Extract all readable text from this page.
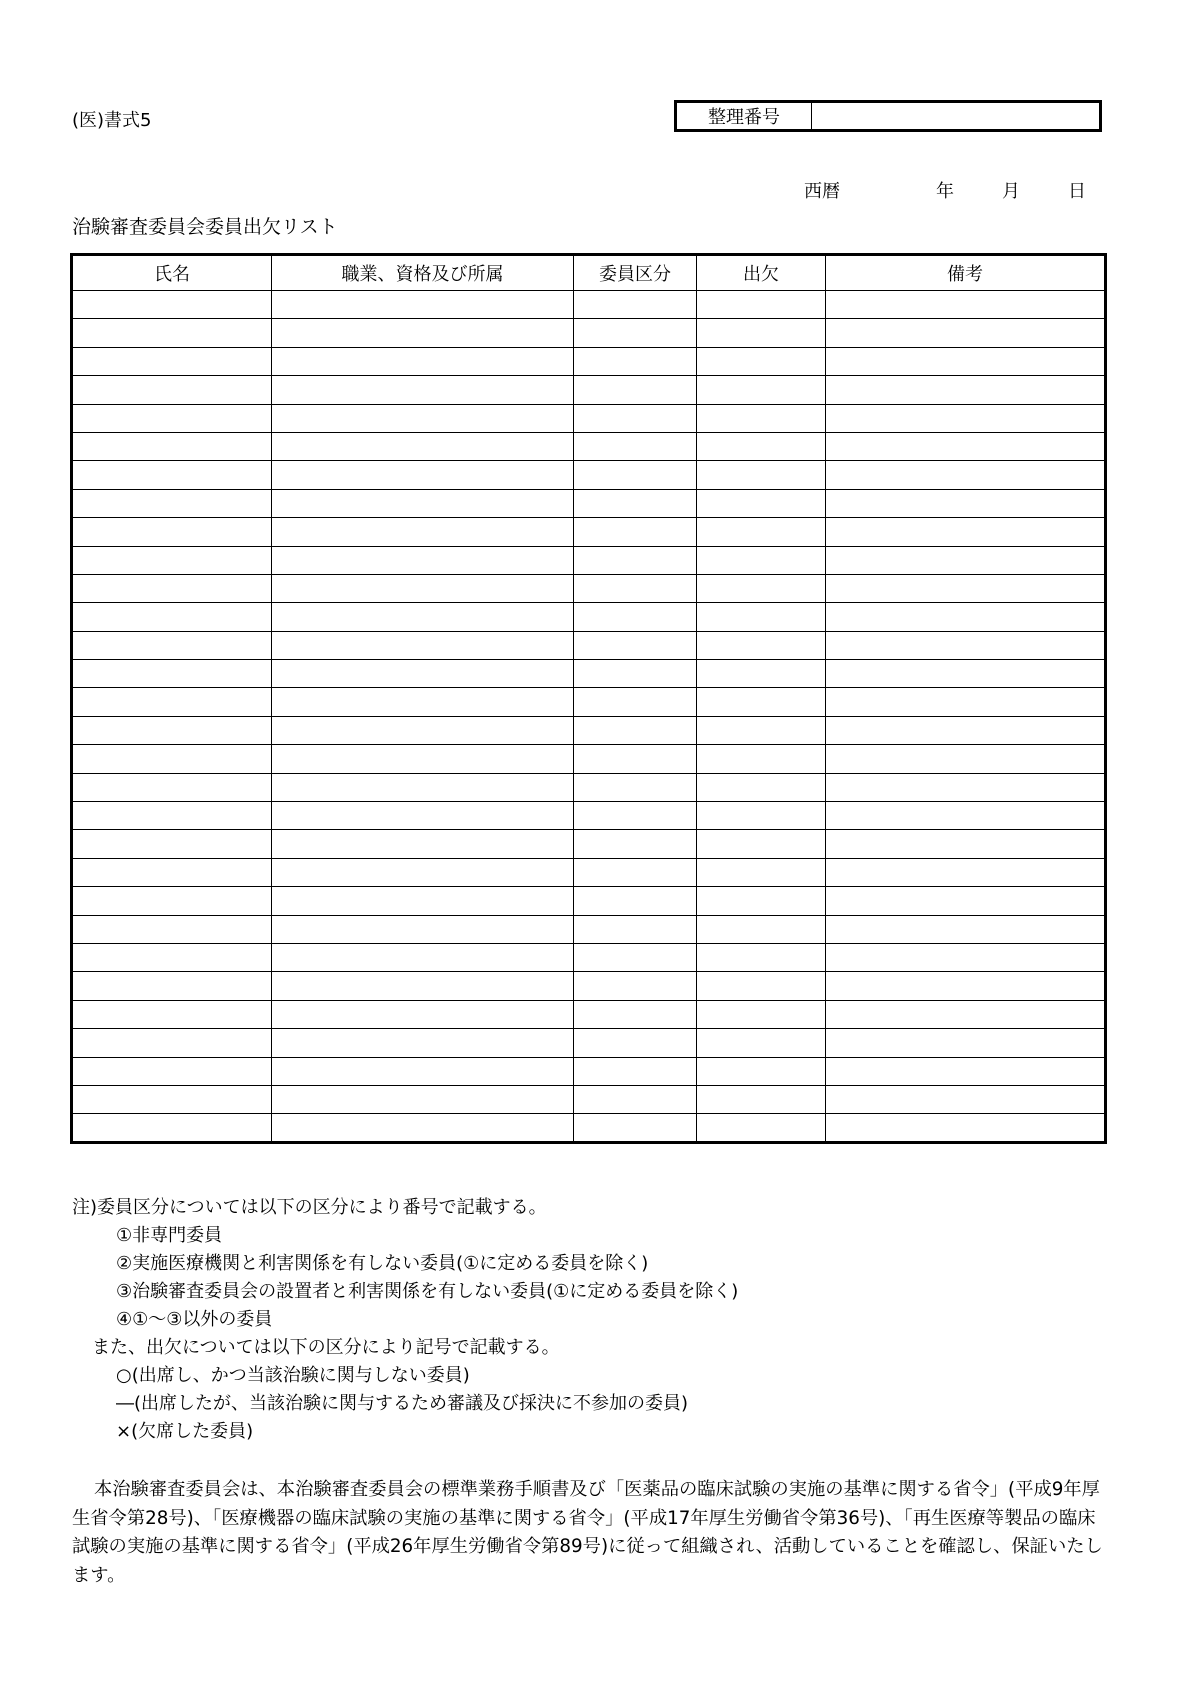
(医)書式5	整理番号
西暦	年	月	日
治験審査委員会委員出欠リスト
氏名	職業、資格及び所属	委員区分	出欠	備考

注)委員区分については以下の区分により番号で記載する。
①非専門委員
②実施医療機関と利害関係を有しない委員(①に定める委員を除く)
③治験審査委員会の設置者と利害関係を有しない委員(①に定める委員を除く)
④①～③以外の委員
また、出欠については以下の区分により記号で記載する。
○(出席し、かつ当該治験に関与しない委員)
―(出席したが、当該治験に関与するため審議及び採決に不参加の委員)
×(欠席した委員)
本治験審査委員会は、本治験審査委員会の標準業務手順書及び「医薬品の臨床試験の実施の基準に関する省令」(平成9年厚生省令第28号)、「医療機器の臨床試験の実施の基準に関する省令」(平成17年厚生労働省令第36号)、「再生医療等製品の臨床試験の実施の基準に関する省令」(平成26年厚生労働省令第89号)に従って組織され、活動していることを確認し、保証いたします。
